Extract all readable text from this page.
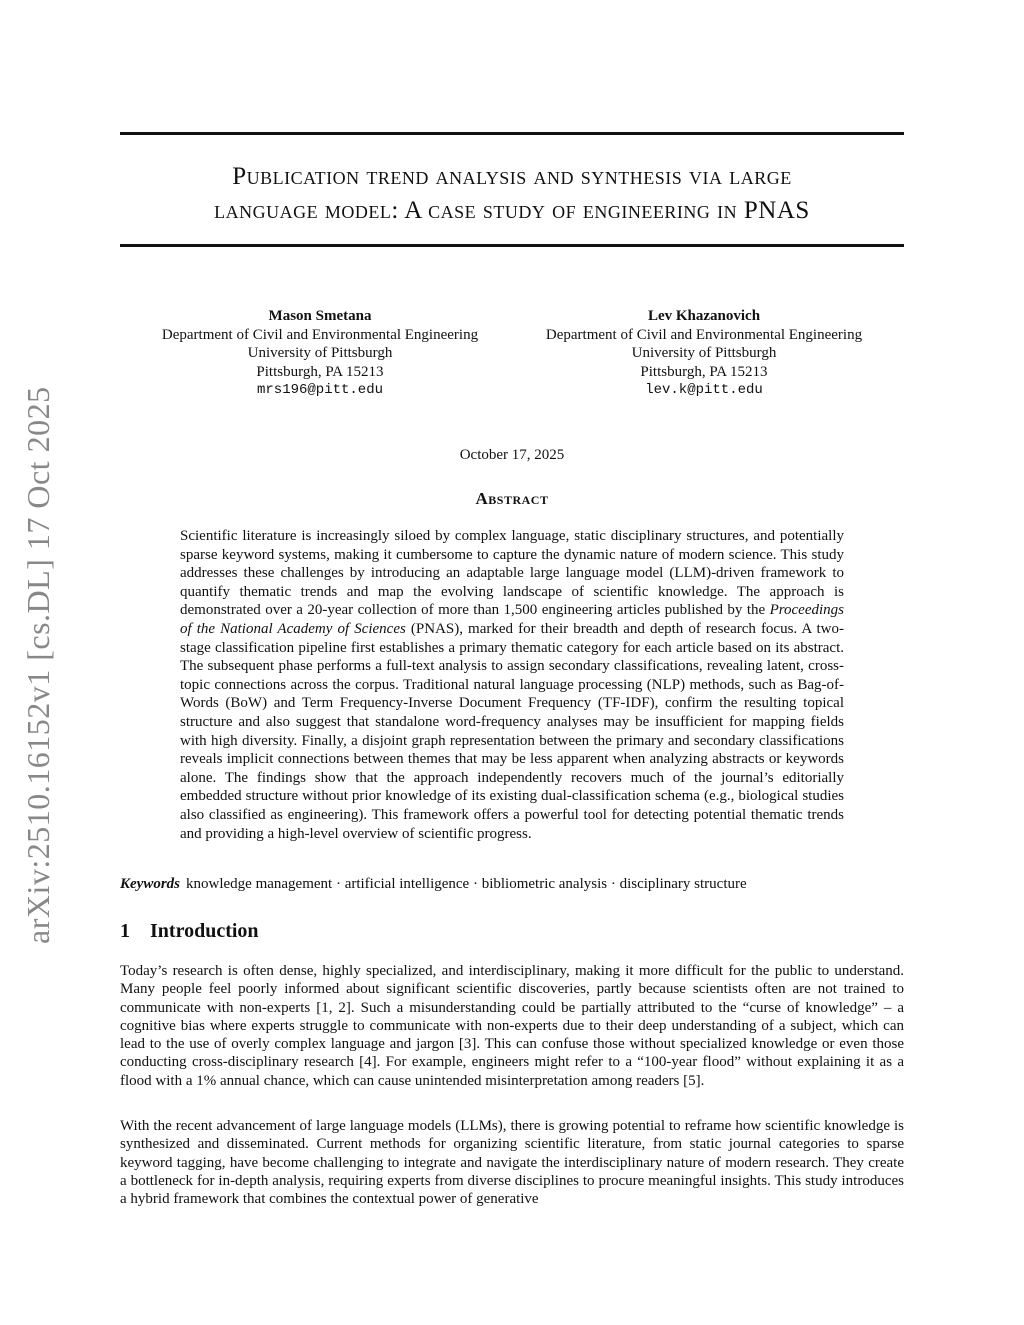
arXiv:2510.16152v1 [cs.DL] 17 Oct 2025
Publication trend analysis and synthesis via large
language model: A case study of engineering in PNAS
Mason Smetana
Department of Civil and Environmental Engineering
University of Pittsburgh
Pittsburgh, PA 15213
mrs196@pitt.edu
Lev Khazanovich
Department of Civil and Environmental Engineering
University of Pittsburgh
Pittsburgh, PA 15213
lev.k@pitt.edu
October 17, 2025
Abstract
Scientific literature is increasingly siloed by complex language, static disciplinary structures, and potentially sparse keyword systems, making it cumbersome to capture the dynamic nature of modern science. This study addresses these challenges by introducing an adaptable large language model (LLM)-driven framework to quantify thematic trends and map the evolving landscape of scientific knowledge. The approach is demonstrated over a 20-year collection of more than 1,500 engineering articles published by the Proceedings of the National Academy of Sciences (PNAS), marked for their breadth and depth of research focus. A two-stage classification pipeline first establishes a primary thematic category for each article based on its abstract. The subsequent phase performs a full-text analysis to assign secondary classifications, revealing latent, cross-topic connections across the corpus. Traditional natural language processing (NLP) methods, such as Bag-of-Words (BoW) and Term Frequency-Inverse Document Frequency (TF-IDF), confirm the resulting topical structure and also suggest that standalone word-frequency analyses may be insufficient for mapping fields with high diversity. Finally, a disjoint graph representation between the primary and secondary classifications reveals implicit connections between themes that may be less apparent when analyzing abstracts or keywords alone. The findings show that the approach independently recovers much of the journal’s editorially embedded structure without prior knowledge of its existing dual-classification schema (e.g., biological studies also classified as engineering). This framework offers a powerful tool for detecting potential thematic trends and providing a high-level overview of scientific progress.
Keywords knowledge management · artificial intelligence · bibliometric analysis · disciplinary structure
1 Introduction
Today’s research is often dense, highly specialized, and interdisciplinary, making it more difficult for the public to understand. Many people feel poorly informed about significant scientific discoveries, partly because scientists often are not trained to communicate with non-experts [1, 2]. Such a misunderstanding could be partially attributed to the “curse of knowledge” – a cognitive bias where experts struggle to communicate with non-experts due to their deep understanding of a subject, which can lead to the use of overly complex language and jargon [3]. This can confuse those without specialized knowledge or even those conducting cross-disciplinary research [4]. For example, engineers might refer to a “100-year flood” without explaining it as a flood with a 1% annual chance, which can cause unintended misinterpretation among readers [5].
With the recent advancement of large language models (LLMs), there is growing potential to reframe how scientific knowledge is synthesized and disseminated. Current methods for organizing scientific literature, from static journal categories to sparse keyword tagging, have become challenging to integrate and navigate the interdisciplinary nature of modern research. They create a bottleneck for in-depth analysis, requiring experts from diverse disciplines to procure meaningful insights. This study introduces a hybrid framework that combines the contextual power of generative
